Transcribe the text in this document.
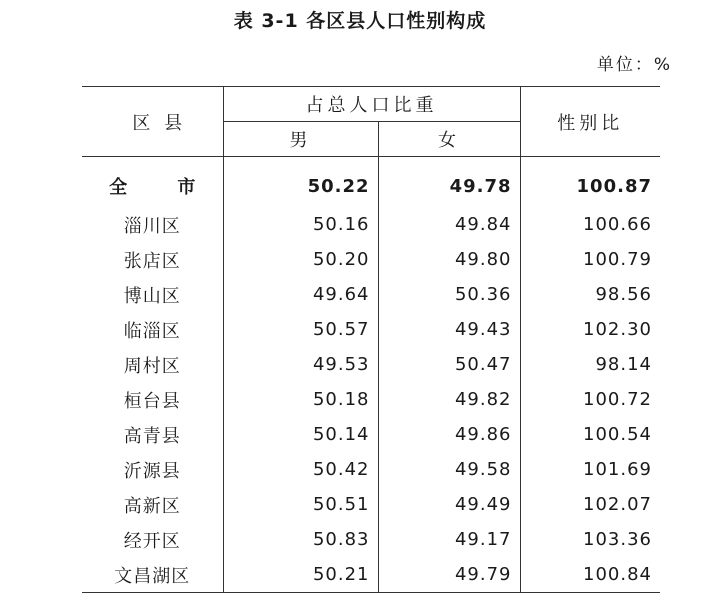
表 3-1 各区县人口性别构成
单位：%
区 县	占总人口比重		性别比
	男	女	
全 市	50.22	49.78	100.87
淄川区	50.16	49.84	100.66
张店区	50.20	49.80	100.79
博山区	49.64	50.36	98.56
临淄区	50.57	49.43	102.30
周村区	49.53	50.47	98.14
桓台县	50.18	49.82	100.72
高青县	50.14	49.86	100.54
沂源县	50.42	49.58	101.69
高新区	50.51	49.49	102.07
经开区	50.83	49.17	103.36
文昌湖区	50.21	49.79	100.84
